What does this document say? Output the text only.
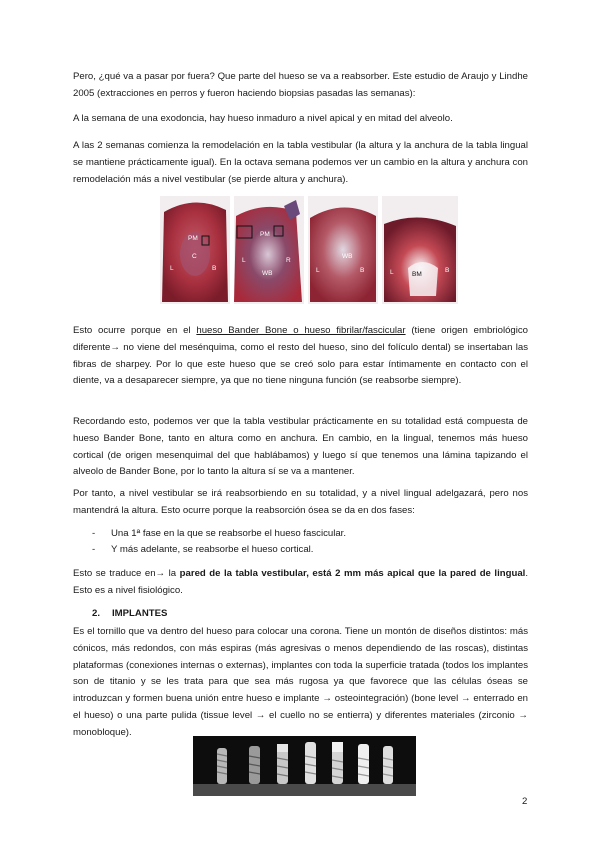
Pero, ¿qué va a pasar por fuera? Que parte del hueso se va a reabsorber. Este estudio de Araujo y Lindhe 2005 (extracciones en perros y fueron haciendo biopsias pasadas las semanas):

A la semana de una exodoncia, hay hueso inmaduro a nivel apical y en mitad del alveolo.

A las 2 semanas comienza la remodelación en la tabla vestibular (la altura y la anchura de la tabla lingual se mantiene prácticamente igual). En la octava semana podemos ver un cambio en la altura y anchura con remodelación más a nivel vestibular (se pierde altura y anchura).

PM
C
L	B
PM
WB
L	R
WB
L	B
BM
L	B

Esto ocurre porque en el hueso Bander Bone o hueso fibrilar/fascicular (tiene origen embriológico diferente→ no viene del mesénquima, como el resto del hueso, sino del folículo dental) se insertaban las fibras de sharpey. Por lo que este hueso que se creó solo para estar íntimamente en contacto con el diente, va a desaparecer siempre, ya que no tiene ninguna función (se reabsorbe siempre).

Recordando esto, podemos ver que la tabla vestibular prácticamente en su totalidad está compuesta de hueso Bander Bone, tanto en altura como en anchura. En cambio, en la lingual, tenemos más hueso cortical (de origen mesenquimal del que hablábamos) y luego sí que tenemos una lámina tapizando el alveolo de Bander Bone, por lo tanto la altura sí se va a mantener.

Por tanto, a nivel vestibular se irá reabsorbiendo en su totalidad, y a nivel lingual adelgazará, pero nos mantendrá la altura. Esto ocurre porque la reabsorción ósea se da en dos fases:

- Una 1ª fase en la que se reabsorbe el hueso fascicular.
- Y más adelante, se reabsorbe el hueso cortical.

Esto se traduce en→ la pared de la tabla vestibular, está 2 mm más apical que la pared de lingual. Esto es a nivel fisiológico.

2. IMPLANTES

Es el tornillo que va dentro del hueso para colocar una corona. Tiene un montón de diseños distintos: más cónicos, más redondos, con más espiras (más agresivas o menos dependiendo de las roscas), distintas plataformas (conexiones internas o externas), implantes con toda la superficie tratada (todos los implantes son de titanio y se les trata para que sea más rugosa ya que favorece que las células óseas se introduzcan y formen buena unión entre hueso e implante → osteointegración) (bone level → enterrado en el hueso) o una parte pulida (tissue level → el cuello no se entierra) y diferentes materiales (zirconio → monobloque).

2
